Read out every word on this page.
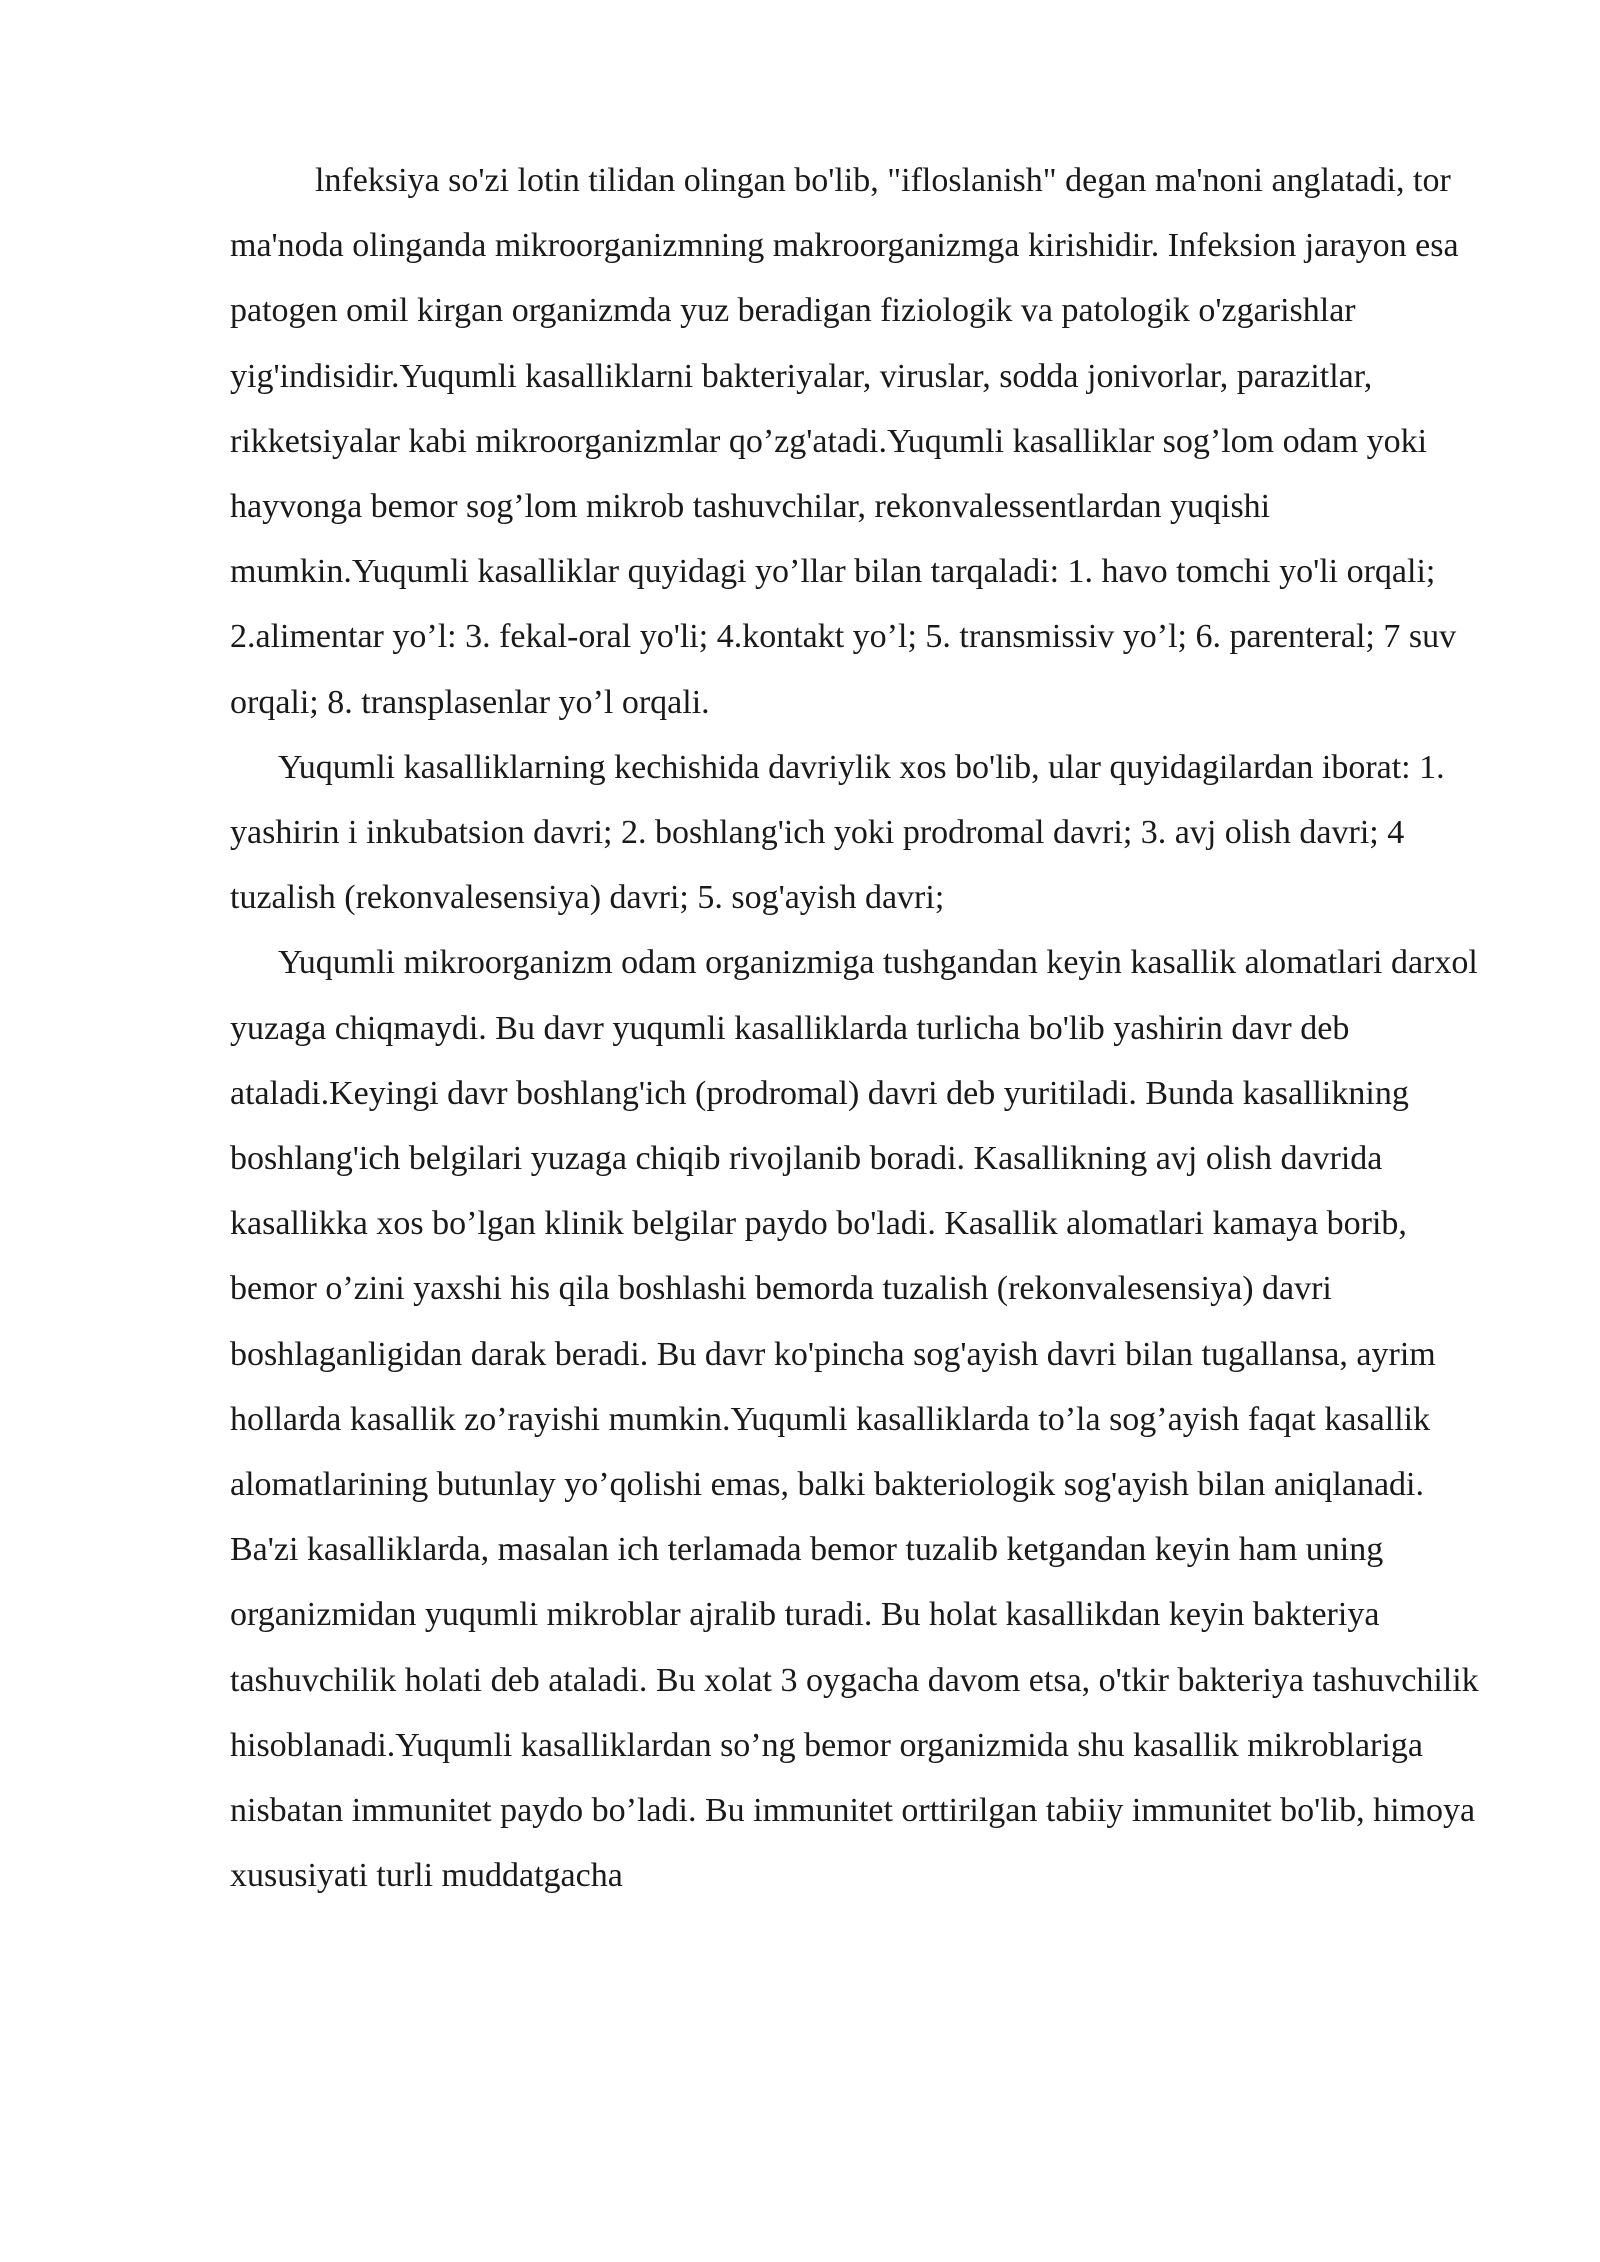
lnfeksiya so'zi lotin tilidan olingan bo'lib, "ifloslanish" degan ma'noni anglatadi, tor ma'noda olinganda mikroorganizmning makroorganizmga kirishidir. Infeksion jarayon esa patogen omil kirgan organizmda yuz beradigan fiziologik va patologik o'zgarishlar yig'indisidir.Yuqumli kasalliklarni bakteriyalar, viruslar, sodda jonivorlar, parazitlar, rikketsiyalar kabi mikroorganizmlar qo’zg'atadi.Yuqumli kasalliklar sog’lom odam yoki hayvonga bemor sog’lom mikrob tashuvchilar, rekonvalessentlardan yuqishi mumkin.Yuqumli kasalliklar quyidagi yo’llar bilan tarqaladi: 1. havo tomchi yo'li orqali; 2.alimentar yo’l: 3. fekal-oral yo'li; 4.kontakt yo’l; 5. transmissiv yo’l; 6. parenteral; 7 suv orqali; 8. transplasenlar yo’l orqali.

Yuqumli kasalliklarning kechishida davriylik xos bo'lib, ular quyidagilardan iborat: 1. yashirin i inkubatsion davri; 2. boshlang'ich yoki prodromal davri; 3. avj olish davri; 4 tuzalish (rekonvalesensiya) davri; 5. sog'ayish davri;

Yuqumli mikroorganizm odam organizmiga tushgandan keyin kasallik alomatlari darxol yuzaga chiqmaydi. Bu davr yuqumli kasalliklarda turlicha bo'lib yashirin davr deb ataladi.Keyingi davr boshlang'ich (prodromal) davri deb yuritiladi. Bunda kasallikning boshlang'ich belgilari yuzaga chiqib rivojlanib boradi. Kasallikning avj olish davrida kasallikka xos bo’lgan klinik belgilar paydo bo'ladi. Kasallik alomatlari kamaya borib, bemor o’zini yaxshi his qila boshlashi bemorda tuzalish (rekonvalesensiya) davri boshlaganligidan darak beradi. Bu davr ko'pincha sog'ayish davri bilan tugallansa, ayrim hollarda kasallik zo’rayishi mumkin.Yuqumli kasalliklarda to’la sog’ayish faqat kasallik alomatlarining butunlay yo’qolishi emas, balki bakteriologik sog'ayish bilan aniqlanadi. Ba'zi kasalliklarda, masalan ich terlamada bemor tuzalib ketgandan keyin ham uning organizmidan yuqumli mikroblar ajralib turadi. Bu holat kasallikdan keyin bakteriya tashuvchilik holati deb ataladi. Bu xolat 3 oygacha davom etsa, o'tkir bakteriya tashuvchilik hisoblanadi.Yuqumli kasalliklardan so’ng bemor organizmida shu kasallik mikroblariga nisbatan immunitet paydo bo’ladi. Bu immunitet orttirilgan tabiiy immunitet bo'lib, himoya xususiyati turli muddatgacha
